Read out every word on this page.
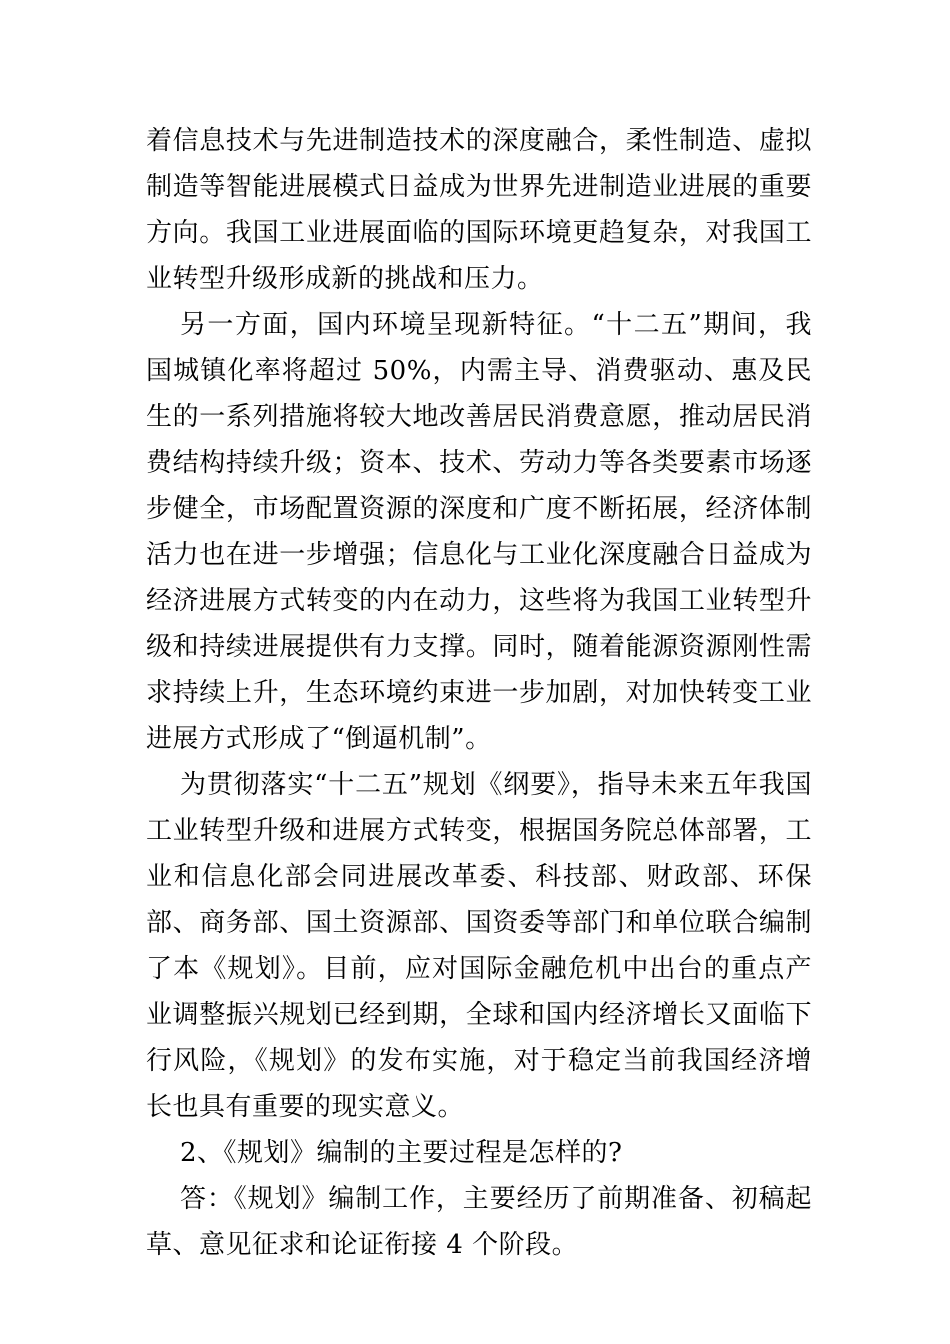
着信息技术与先进制造技术的深度融合，柔性制造、虚拟制造等智能进展模式日益成为世界先进制造业进展的重要方向。我国工业进展面临的国际环境更趋复杂，对我国工业转型升级形成新的挑战和压力。

另一方面，国内环境呈现新特征。“十二五”期间，我国城镇化率将超过 50%，内需主导、消费驱动、惠及民生的一系列措施将较大地改善居民消费意愿，推动居民消费结构持续升级；资本、技术、劳动力等各类要素市场逐步健全，市场配置资源的深度和广度不断拓展，经济体制活力也在进一步增强；信息化与工业化深度融合日益成为经济进展方式转变的内在动力，这些将为我国工业转型升级和持续进展提供有力支撑。同时，随着能源资源刚性需求持续上升，生态环境约束进一步加剧，对加快转变工业进展方式形成了“倒逼机制”。

为贯彻落实“十二五”规划《纲要》，指导未来五年我国工业转型升级和进展方式转变，根据国务院总体部署，工业和信息化部会同进展改革委、科技部、财政部、环保部、商务部、国土资源部、国资委等部门和单位联合编制了本《规划》。目前，应对国际金融危机中出台的重点产业调整振兴规划已经到期，全球和国内经济增长又面临下行风险，《规划》的发布实施，对于稳定当前我国经济增长也具有重要的现实意义。

2、《规划》编制的主要过程是怎样的?

答：《规划》编制工作，主要经历了前期准备、初稿起草、意见征求和论证衔接 4 个阶段。
